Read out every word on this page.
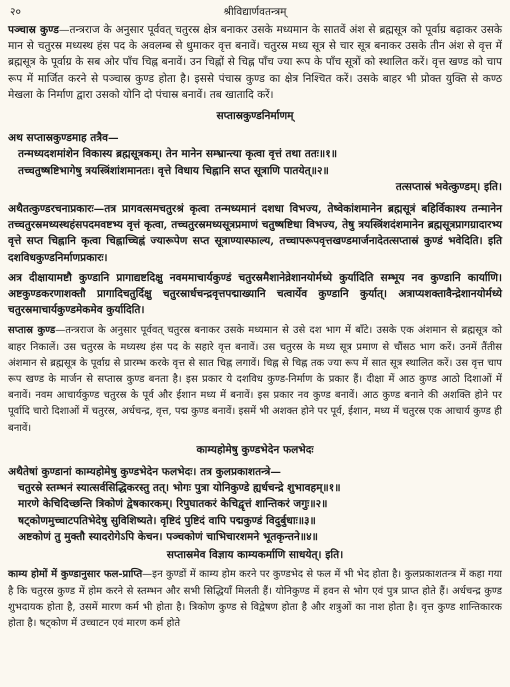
२०	श्रीविद्यार्णवतन्त्रम्

पञ्चास्र कुण्ड—तन्त्रराज के अनुसार पूर्ववत् चतुरस्र क्षेत्र बनाकर उसके मध्यमान के सातवें अंश से ब्रह्मसूत्र को पूर्वाग्र बढ़ाकर उसके मान से चतुरस्र मध्यस्थ हंस पद के अवलम्ब से धुमाकर वृत्त बनावें। चतुरस्र मध्य सूत्र से चार सूत्र बनाकर उसके तीन अंश से वृत्त में ब्रह्मसूत्र के पूर्वाग्र के सब ओर पाँच चिह्न बनावें। उन चिह्नों से चिह्न पाँच ज्या रूप के पाँच सूत्रों को स्थालित करें। वृत्त खण्ड को चाप रूप में मार्जित करने से पञ्चास्र कुण्ड होता है। इससे पंचास्र कुण्ड का क्षेत्र निश्चित करें। उसके बाहर भी प्रोक्त युक्ति से कण्ठ मेखला के निर्माण द्वारा उसको योनि दो पंचास्र बनावें। तब खातादि करें।

सप्तास्रकुण्डनिर्माणम्

अथ सप्तास्रकुण्डमाह तत्रैव—

तन्मध्यदशमांशेन विकास्य ब्रह्मसूत्रकम्। तेन मानेन सम्भ्रान्त्या कृत्वा वृत्तं तथा ततः॥१॥

तच्चतुष्षष्टिभागेषु त्रयस्त्रिंशांशमानतः। वृत्ते विधाय चिह्नानि सप्त सूत्राणि पातयेत्॥२॥

तत्सप्तास्रं भवेत्कुण्डम्। इति।

अथैतत्कुण्डरचनाप्रकारः—तत्र प्रागवत्समचतुरश्रं कृत्वा तन्मध्यमानं दशधा विभज्य, तेष्वेकांशमानेन ब्रह्मसूत्रं बहिर्विकाश्य तन्मानेन तच्चतुरस्रमध्यस्थहंसपदमवष्टभ्य वृत्तं कृत्वा, तच्चतुरस्रमध्यसूत्रप्रमाणं चतुष्षष्टिधा विभज्य, तेषु त्रयस्त्रिंशदंशमानेन ब्रह्मसूत्रप्रागग्रादारभ्य वृत्ते सप्त चिह्नानि कृत्वा चिह्नाच्चिह्नं ज्यारूपेण सप्त सूत्राण्यास्फाल्य, तच्चापरूपवृत्तखण्डमार्जनादेतत्सप्तास्रं कुण्डं भवेदिति। इति दशविधकुण्डनिर्माणप्रकारः।

अत्र दीक्षायामष्टौ कुण्डानि प्रागाद्यष्टदिक्षु नवममाचार्यकुण्डं चतुरस्रमैशानेव्रेशानयोर्मध्ये कुर्यादिति सम्भूय नव कुण्डानि कार्याणि। अष्टकुण्डकरणाशक्तौ प्रागादिचतुर्दिक्षु चतुरस्रार्धचन्द्रवृत्तपद्माख्यानि चत्वार्येव कुण्डानि कुर्यात्। अत्राप्यशक्तावैन्द्रेशानयोर्मध्ये चतुरस्रमाचार्यकुण्डमेकमेव कुर्यादिति।

सप्तास्र कुण्ड—तन्त्रराज के अनुसार पूर्ववत् चतुरस्र बनाकर उसके मध्यमान से उसे दश भाग में बाँटे। उसके एक अंशमान से ब्रह्मसूत्र को बाहर निकालें। उस चतुरस्र के मध्यस्थ हंस पद के सहारे वृत्त बनावें। उस चतुरस्र के मध्य सूत्र प्रमाण से चौंसठ भाग करें। उनमें तैंतीस अंशमान से ब्रह्मसूत्र के पूर्वाग्र से प्रारम्भ करके वृत्त से सात चिह्न लगावें। चिह्न से चिह्न तक ज्या रूप में सात सूत्र स्थालित करें। उस वृत्त चाप रूप खण्ड के मार्जन से सप्तास्र कुण्ड बनता है। इस प्रकार ये दशविध कुण्ड-निर्माण के प्रकार हैं। दीक्षा में आठ कुण्ड आठो दिशाओं में बनावें। नवम आचार्यकुण्ड चतुरस्र के पूर्व और ईशान मध्य में बनावें। इस प्रकार नव कुण्ड बनावें। आठ कुण्ड बनाने की अशक्ति होने पर पूर्वादि चारो दिशाओं में चतुरस्र, अर्धचन्द्र, वृत्त, पद्म कुण्ड बनावें। इसमें भी अशक्त होने पर पूर्व, ईशान, मध्य में चतुरस्र एक आचार्य कुण्ड ही बनावें।

काम्यहोमेषु कुण्डभेदेन फलभेदः

अथैतेषां कुण्डानां काम्यहोमेषु कुण्डभेदेन फलभेदः। तत्र कुलप्रकाशतन्त्रे—

चतुरस्रे स्तम्भनं स्यात्सर्वसिद्धिकरस्तु तत्। भोगः पुत्रा योनिकुण्डे ह्यर्धचन्द्रे शुभावहम्॥१॥

मारणे केचिदिच्छन्ति त्रिकोणं द्वेषकारकम्। रिपुघातकरं केचिद्वृत्तं शान्तिकरं जगुः॥२॥

षट्कोणमुच्चाटपतिभेदेषु सुविशिष्यते। वृष्टिदं पुष्टिदं वापि पद्मकुण्डं विदुर्बुधाः॥३॥

अष्टकोणं तु मुक्तौ स्यादरोगेऽपि केचन। पञ्चकोणं चाभिचारशमने भूतकृन्तने॥४॥

सप्तास्रमेव विज्ञाय काम्यकर्माणि साधयेत्। इति।

काम्य होमों में कुण्डानुसार फल-प्राप्ति—इन कुण्डों में काम्य होम करने पर कुण्डभेद से फल में भी भेद होता है। कुलप्रकाशतन्त्र में कहा गया है कि चतुरस्र कुण्ड में होम करने से स्तम्भन और सभी सिद्धियाँ मिलती हैं। योनिकुण्ड में हवन से भोग एवं पुत्र प्राप्त होते हैं। अर्धचन्द्र कुण्ड शुभदायक होता है, उसमें मारण कर्म भी होता है। त्रिकोण कुण्ड से विद्वेषण होता है और शत्रुओं का नाश होता है। वृत्त कुण्ड शान्तिकारक होता है। षट्कोण में उच्चाटन एवं मारण कर्म होते
